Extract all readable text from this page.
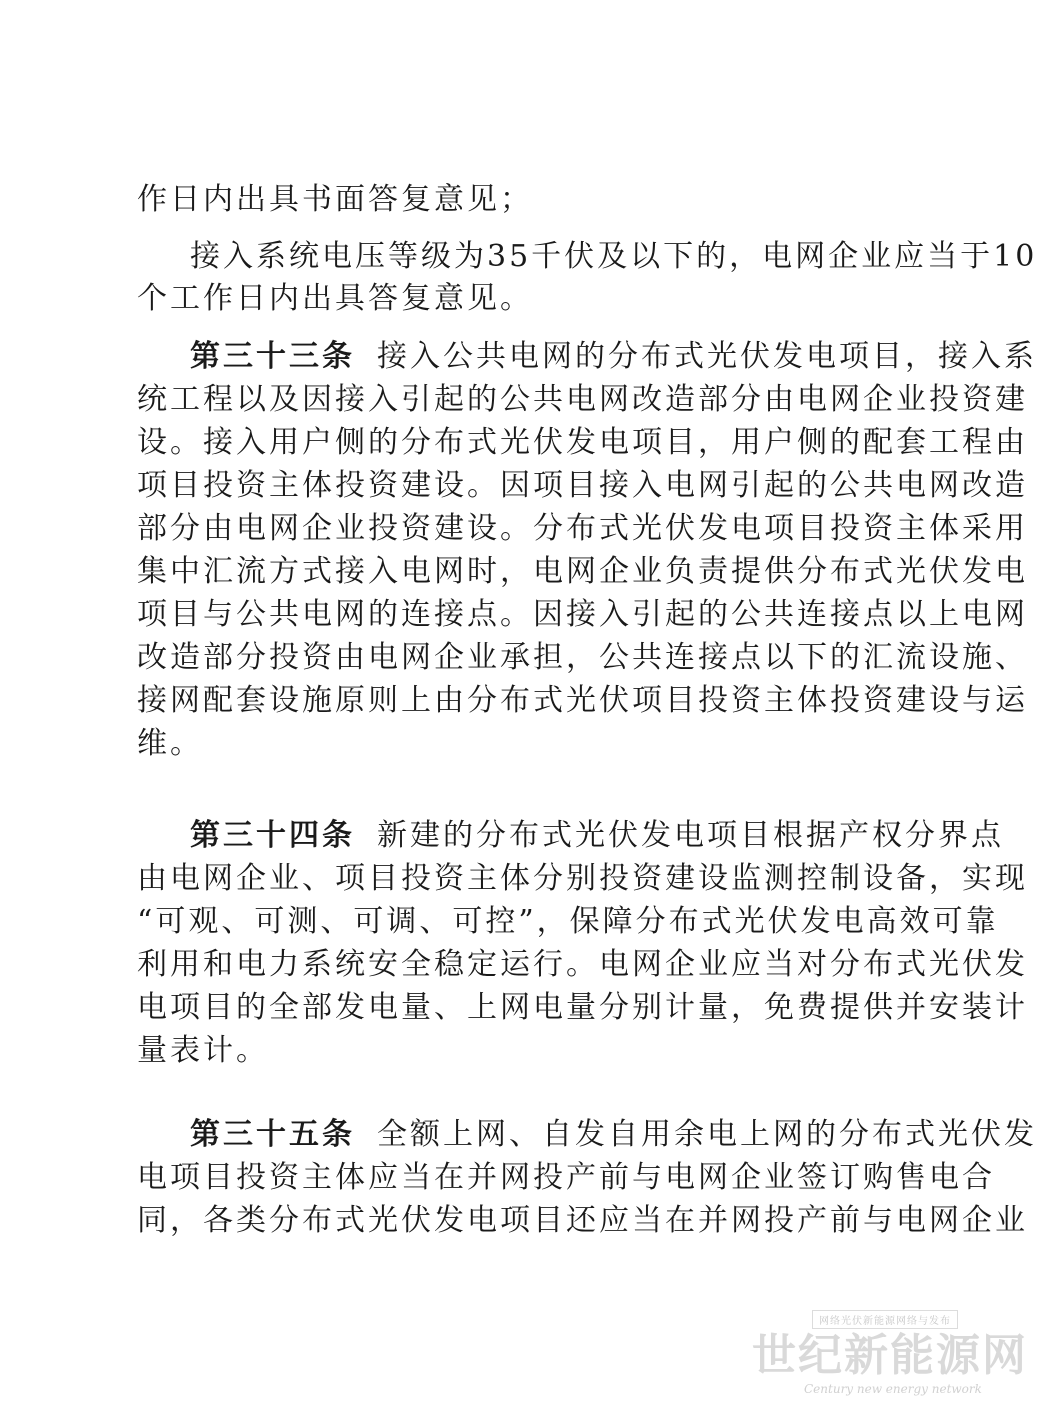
作日内出具书面答复意见；
接入系统电压等级为35千伏及以下的，电网企业应当于10
个工作日内出具答复意见。
第三十三条 接入公共电网的分布式光伏发电项目，接入系
统工程以及因接入引起的公共电网改造部分由电网企业投资建
设。接入用户侧的分布式光伏发电项目，用户侧的配套工程由
项目投资主体投资建设。因项目接入电网引起的公共电网改造
部分由电网企业投资建设。分布式光伏发电项目投资主体采用
集中汇流方式接入电网时，电网企业负责提供分布式光伏发电
项目与公共电网的连接点。因接入引起的公共连接点以上电网
改造部分投资由电网企业承担，公共连接点以下的汇流设施、
接网配套设施原则上由分布式光伏项目投资主体投资建设与运
维。
第三十四条 新建的分布式光伏发电项目根据产权分界点
由电网企业、项目投资主体分别投资建设监测控制设备，实现
“可观、可测、可调、可控”，保障分布式光伏发电高效可靠
利用和电力系统安全稳定运行。电网企业应当对分布式光伏发
电项目的全部发电量、上网电量分别计量，免费提供并安装计
量表计。
第三十五条 全额上网、自发自用余电上网的分布式光伏发
电项目投资主体应当在并网投产前与电网企业签订购售电合
同，各类分布式光伏发电项目还应当在并网投产前与电网企业
网络光伏新能源网络与发布
世纪新能源网
Century new energy network
